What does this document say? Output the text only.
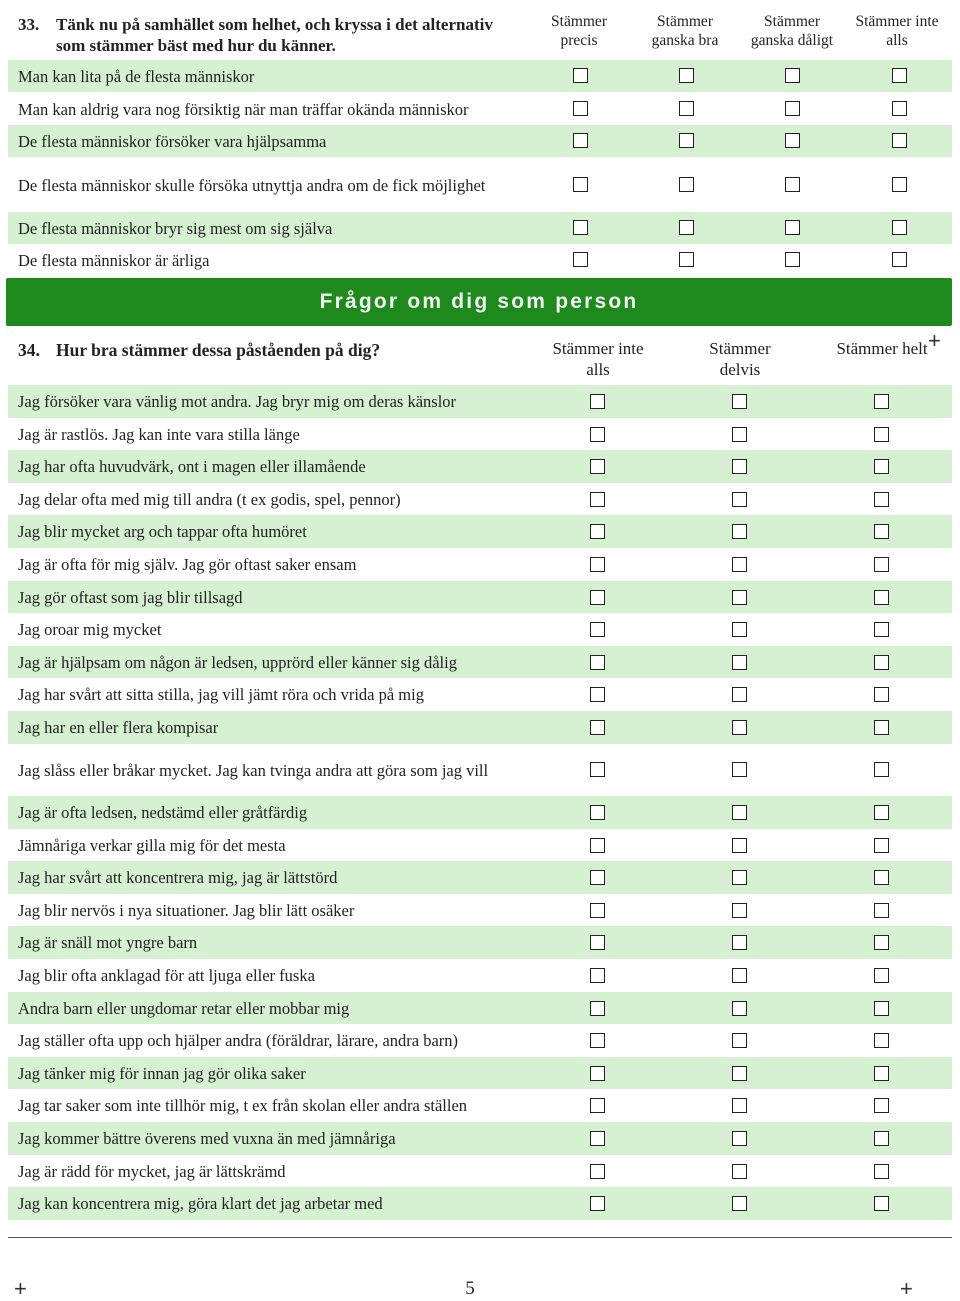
33. Tänk nu på samhället som helhet, och kryssa i det alternativ som stämmer bäst med hur du känner.
Stämmer precis
Stämmer ganska bra
Stämmer ganska dåligt
Stämmer inte alls
Man kan lita på de flesta människor
Man kan aldrig vara nog försiktig när man träffar okända människor
De flesta människor försöker vara hjälpsamma
De flesta människor skulle försöka utnyttja andra om de fick möjlighet
De flesta människor bryr sig mest om sig själva
De flesta människor är ärliga
Frågor om dig som person
34. Hur bra stämmer dessa påståenden på dig?	Stämmer inte alls
Stämmer delvis
Stämmer helt +
Jag försöker vara vänlig mot andra. Jag bryr mig om deras känslor
Jag är rastlös. Jag kan inte vara stilla länge
Jag har ofta huvudvärk, ont i magen eller illamående
Jag delar ofta med mig till andra (t ex godis, spel, pennor)
Jag blir mycket arg och tappar ofta humöret
Jag är ofta för mig själv. Jag gör oftast saker ensam
Jag gör oftast som jag blir tillsagd
Jag oroar mig mycket
Jag är hjälpsam om någon är ledsen, upprörd eller känner sig dålig
Jag har svårt att sitta stilla, jag vill jämt röra och vrida på mig
Jag har en eller flera kompisar
Jag slåss eller bråkar mycket. Jag kan tvinga andra att göra som jag vill
Jag är ofta ledsen, nedstämd eller gråtfärdig
Jämnåriga verkar gilla mig för det mesta
Jag har svårt att koncentrera mig, jag är lättstörd
Jag blir nervös i nya situationer. Jag blir lätt osäker
Jag är snäll mot yngre barn
Jag blir ofta anklagad för att ljuga eller fuska
Andra barn eller ungdomar retar eller mobbar mig
Jag ställer ofta upp och hjälper andra (föräldrar, lärare, andra barn)
Jag tänker mig för innan jag gör olika saker
Jag tar saker som inte tillhör mig, t ex från skolan eller andra ställen
Jag kommer bättre överens med vuxna än med jämnåriga
Jag är rädd för mycket, jag är lättskrämd
Jag kan koncentrera mig, göra klart det jag arbetar med
+	5	+
